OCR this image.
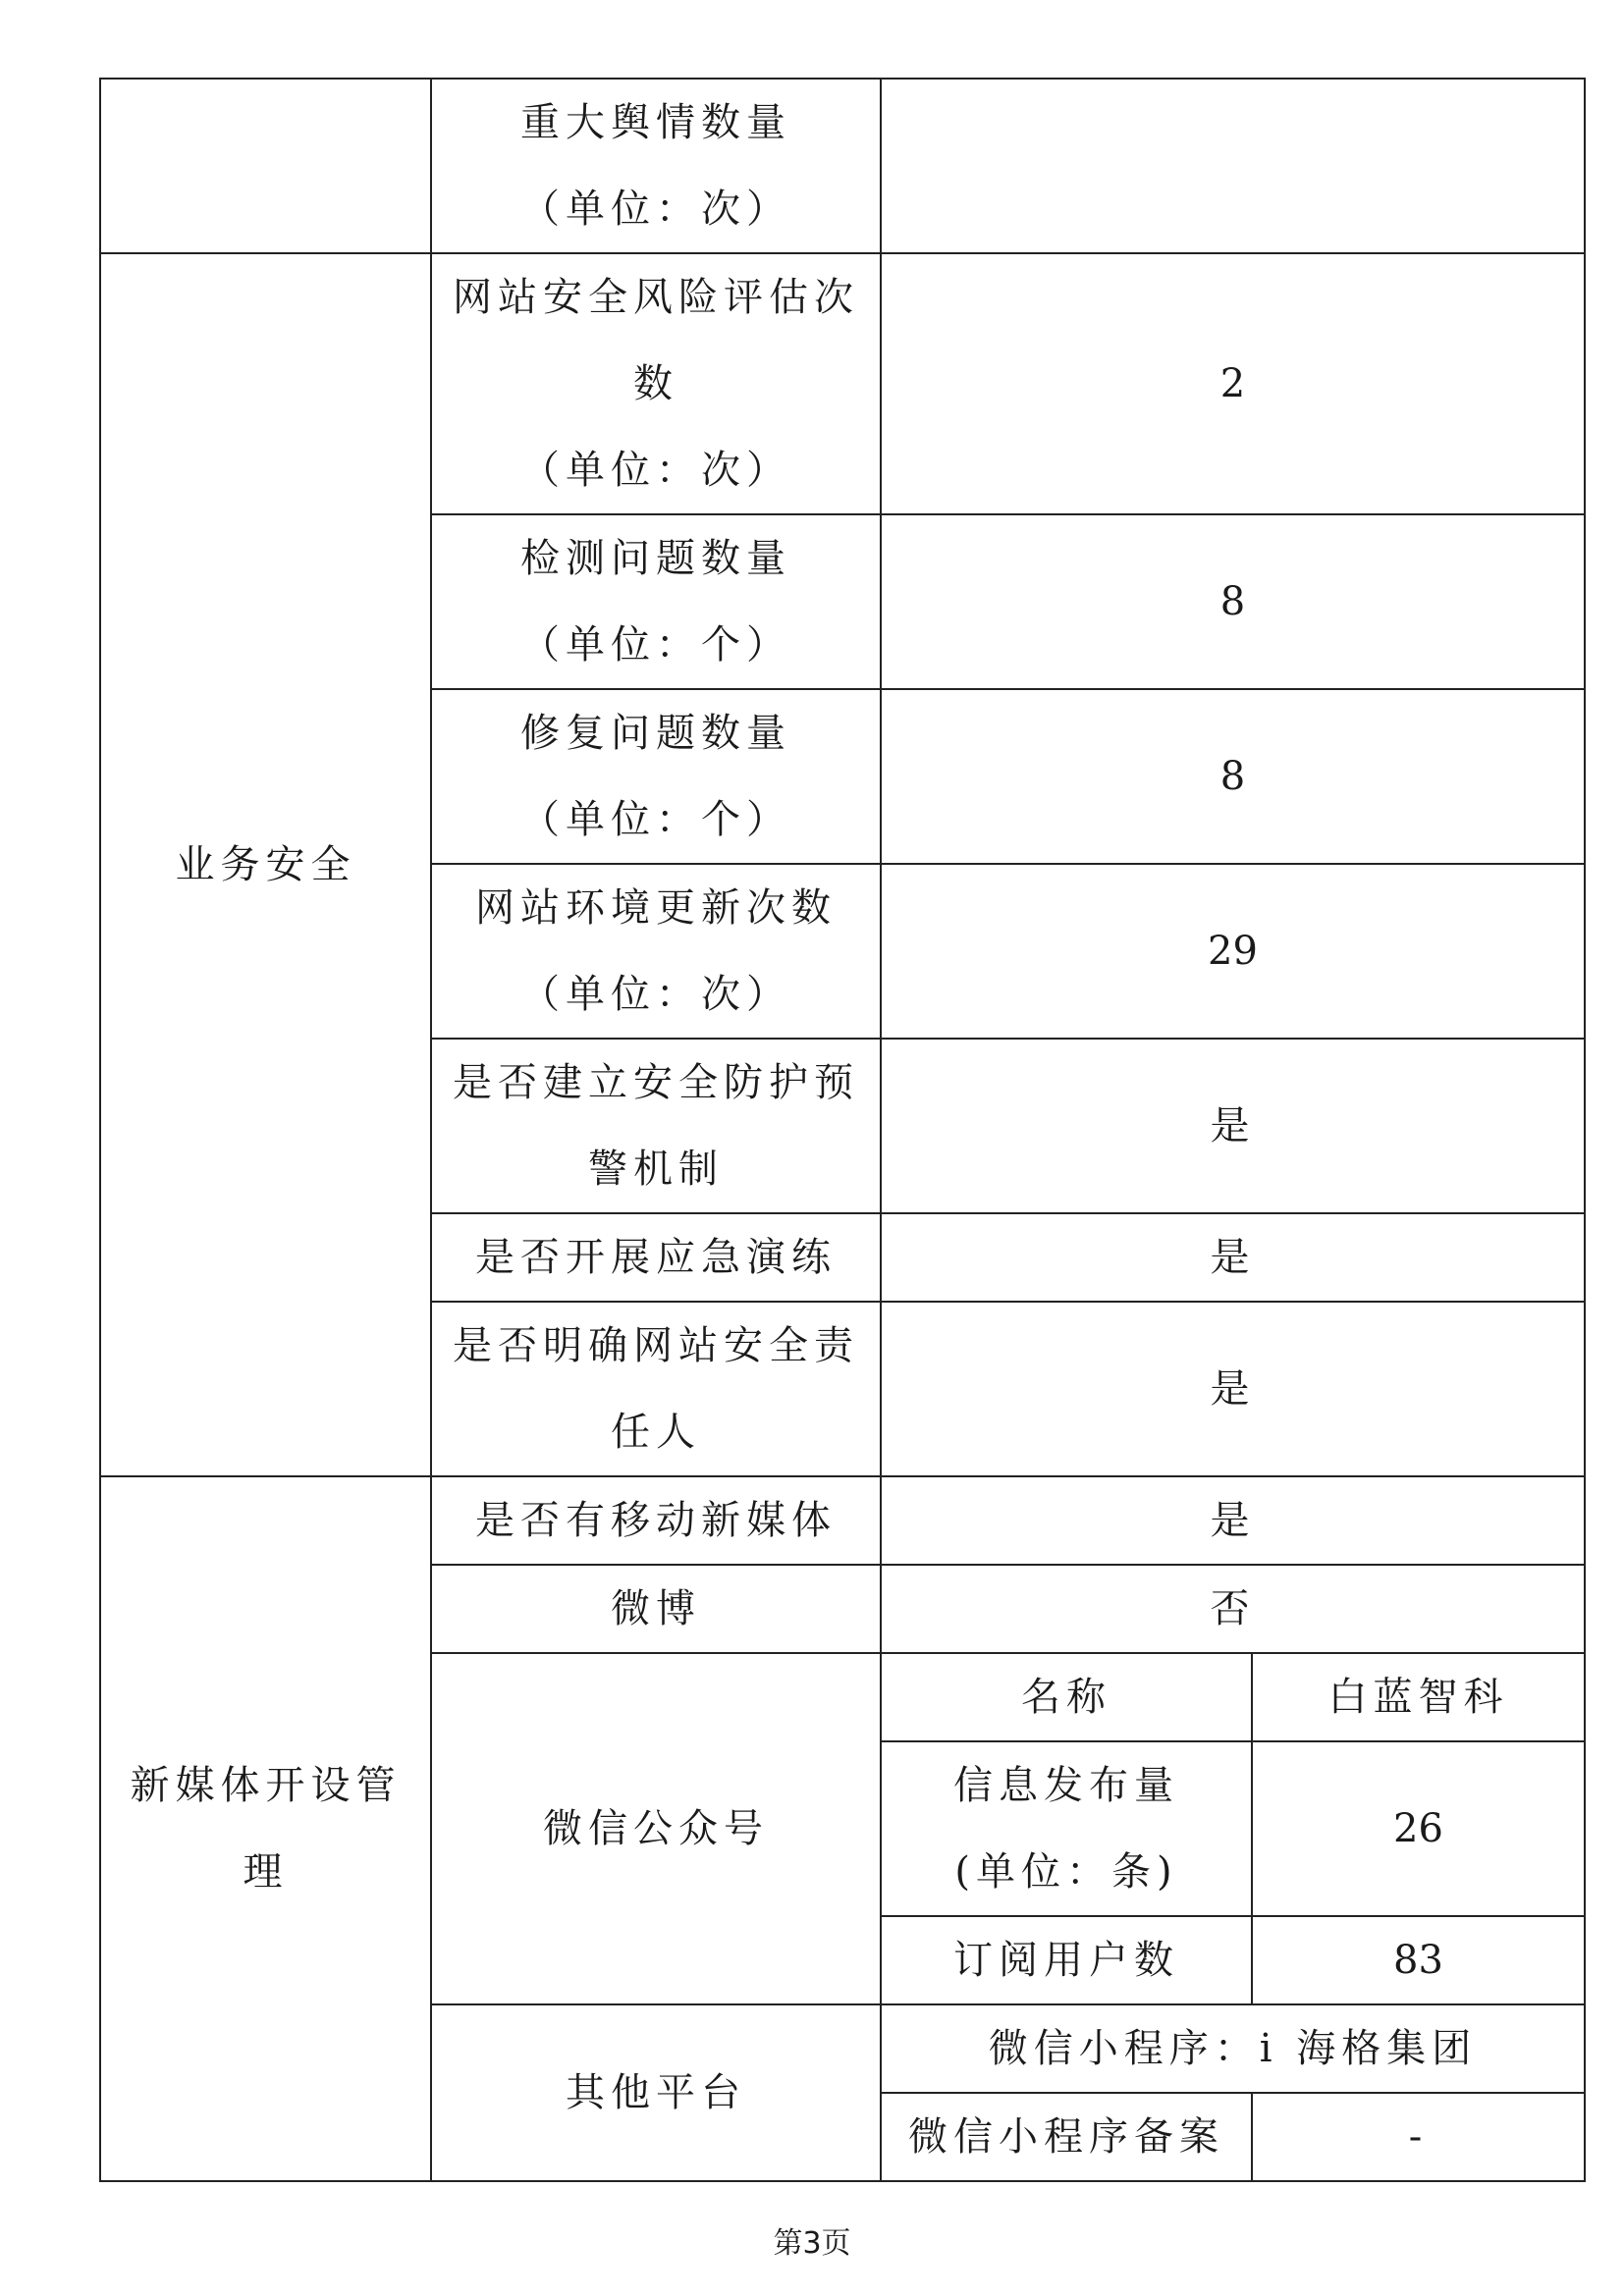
	重大舆情数量
（单位：次）		

业务安全	网站安全风险评估次
数
（单位：次）	2	

	检测问题数量
（单位：个）	8	

	修复问题数量
（单位：个）	8	

	网站环境更新次数
（单位：次）	29	

	是否建立安全防护预
警机制	是	

	是否开展应急演练	是	

	是否明确网站安全责
任人	是	

新媒体开设管
理	是否有移动新媒体	是	
	微博	否	
	微信公众号	名称	白蓝智科

		信息发布量
(单位：条)	26
		订阅用户数	83
	其他平台	微信小程序：i 海格集团	
		微信小程序备案	-
第3页
